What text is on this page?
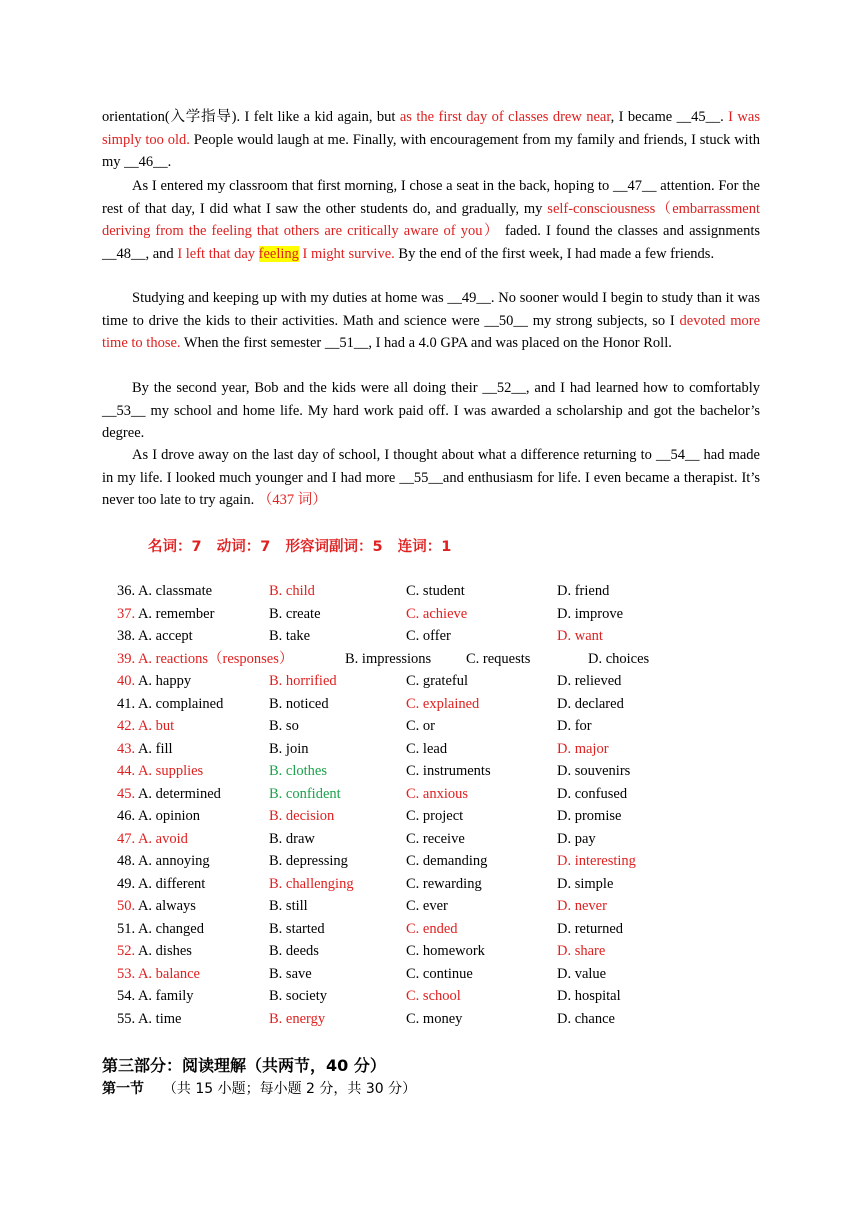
orientation(入学指导). I felt like a kid again, but as the first day of classes drew near, I became __45__. I was simply too old. People would laugh at me. Finally, with encouragement from my family and friends, I stuck with my __46__.

As I entered my classroom that first morning, I chose a seat in the back, hoping to __47__ attention. For the rest of that day, I did what I saw the other students do, and gradually, my self-consciousness（embarrassment deriving from the feeling that others are critically aware of you） faded. I found the classes and assignments __48__, and I left that day feeling I might survive. By the end of the first week, I had made a few friends.

Studying and keeping up with my duties at home was __49__. No sooner would I begin to study than it was time to drive the kids to their activities. Math and science were __50__ my strong subjects, so I devoted more time to those. When the first semester __51__, I had a 4.0 GPA and was placed on the Honor Roll.

By the second year, Bob and the kids were all doing their __52__, and I had learned how to comfortably __53__ my school and home life. My hard work paid off. I was awarded a scholarship and got the bachelor’s degree.

As I drove away on the last day of school, I thought about what a difference returning to __54__ had made in my life. I looked much younger and I had more __55__and enthusiasm for life. I even became a therapist. It’s never too late to try again. （437 词）

名词：7   动词：7   形容词副词：5   连词：1
36. A. classmate	B. child	C. student	D. friend
37. A. remember	B. create	C. achieve	D. improve
38. A. accept	B. take	C. offer	D. want
39. A. reactions（responses）	B. impressions C. requests	D. choices
40. A. happy	B. horrified	C. grateful	D. relieved
41. A. complained	B. noticed	C. explained	D. declared
42. A. but	B. so	C. or	D. for
43. A. fill	B. join	C. lead	D. major
44. A. supplies	B. clothes	C. instruments	D. souvenirs
45. A. determined	B. confident	C. anxious	D. confused
46. A. opinion	B. decision	C. project	D. promise
47. A. avoid	B. draw	C. receive	D. pay
48. A. annoying	B. depressing	C. demanding	D. interesting
49. A. different	B. challenging	C. rewarding	D. simple
50. A. always	B. still	C. ever	D. never
51. A. changed	B. started	C. ended	D. returned
52. A. dishes	B. deeds	C. homework	D. share
53. A. balance	B. save	C. continue	D. value
54. A. family	B. society	C. school	D. hospital
55. A. time	B. energy	C. money	D. chance
第三部分：阅读理解（共两节，40 分）
第一节 （共 15 小题；每小题 2 分，共 30 分）
